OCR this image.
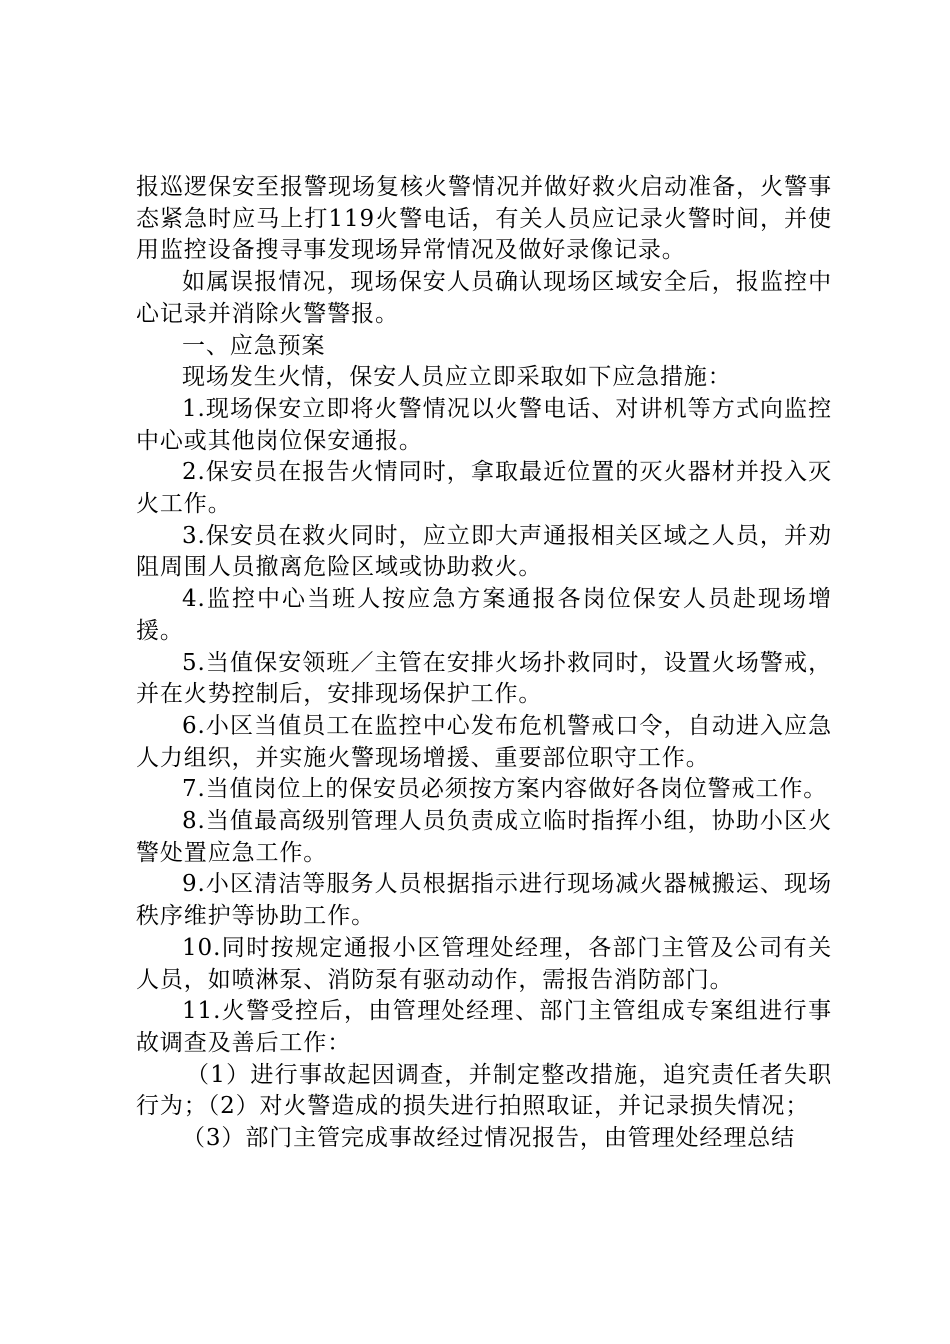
报巡逻保安至报警现场复核火警情况并做好救火启动准备，火警事态紧急时应马上打119火警电话，有关人员应记录火警时间，并使用监控设备搜寻事发现场异常情况及做好录像记录。

如属误报情况，现场保安人员确认现场区域安全后，报监控中心记录并消除火警警报。

一、应急预案

现场发生火情，保安人员应立即采取如下应急措施：

1.现场保安立即将火警情况以火警电话、对讲机等方式向监控中心或其他岗位保安通报。

2.保安员在报告火情同时，拿取最近位置的灭火器材并投入灭火工作。

3.保安员在救火同时，应立即大声通报相关区域之人员，并劝阻周围人员撤离危险区域或协助救火。

4.监控中心当班人按应急方案通报各岗位保安人员赴现场增援。

5.当值保安领班／主管在安排火场扑救同时，设置火场警戒，并在火势控制后，安排现场保护工作。

6.小区当值员工在监控中心发布危机警戒口令，自动进入应急人力组织，并实施火警现场增援、重要部位职守工作。

7.当值岗位上的保安员必须按方案内容做好各岗位警戒工作。

8.当值最高级别管理人员负责成立临时指挥小组，协助小区火警处置应急工作。

9.小区清洁等服务人员根据指示进行现场减火器械搬运、现场秩序维护等协助工作。

10.同时按规定通报小区管理处经理，各部门主管及公司有关人员，如喷淋泵、消防泵有驱动动作，需报告消防部门。

11.火警受控后，由管理处经理、部门主管组成专案组进行事故调查及善后工作：

（1）进行事故起因调查，并制定整改措施，追究责任者失职行为；（2）对火警造成的损失进行拍照取证，并记录损失情况；

（3）部门主管完成事故经过情况报告，由管理处经理总结
